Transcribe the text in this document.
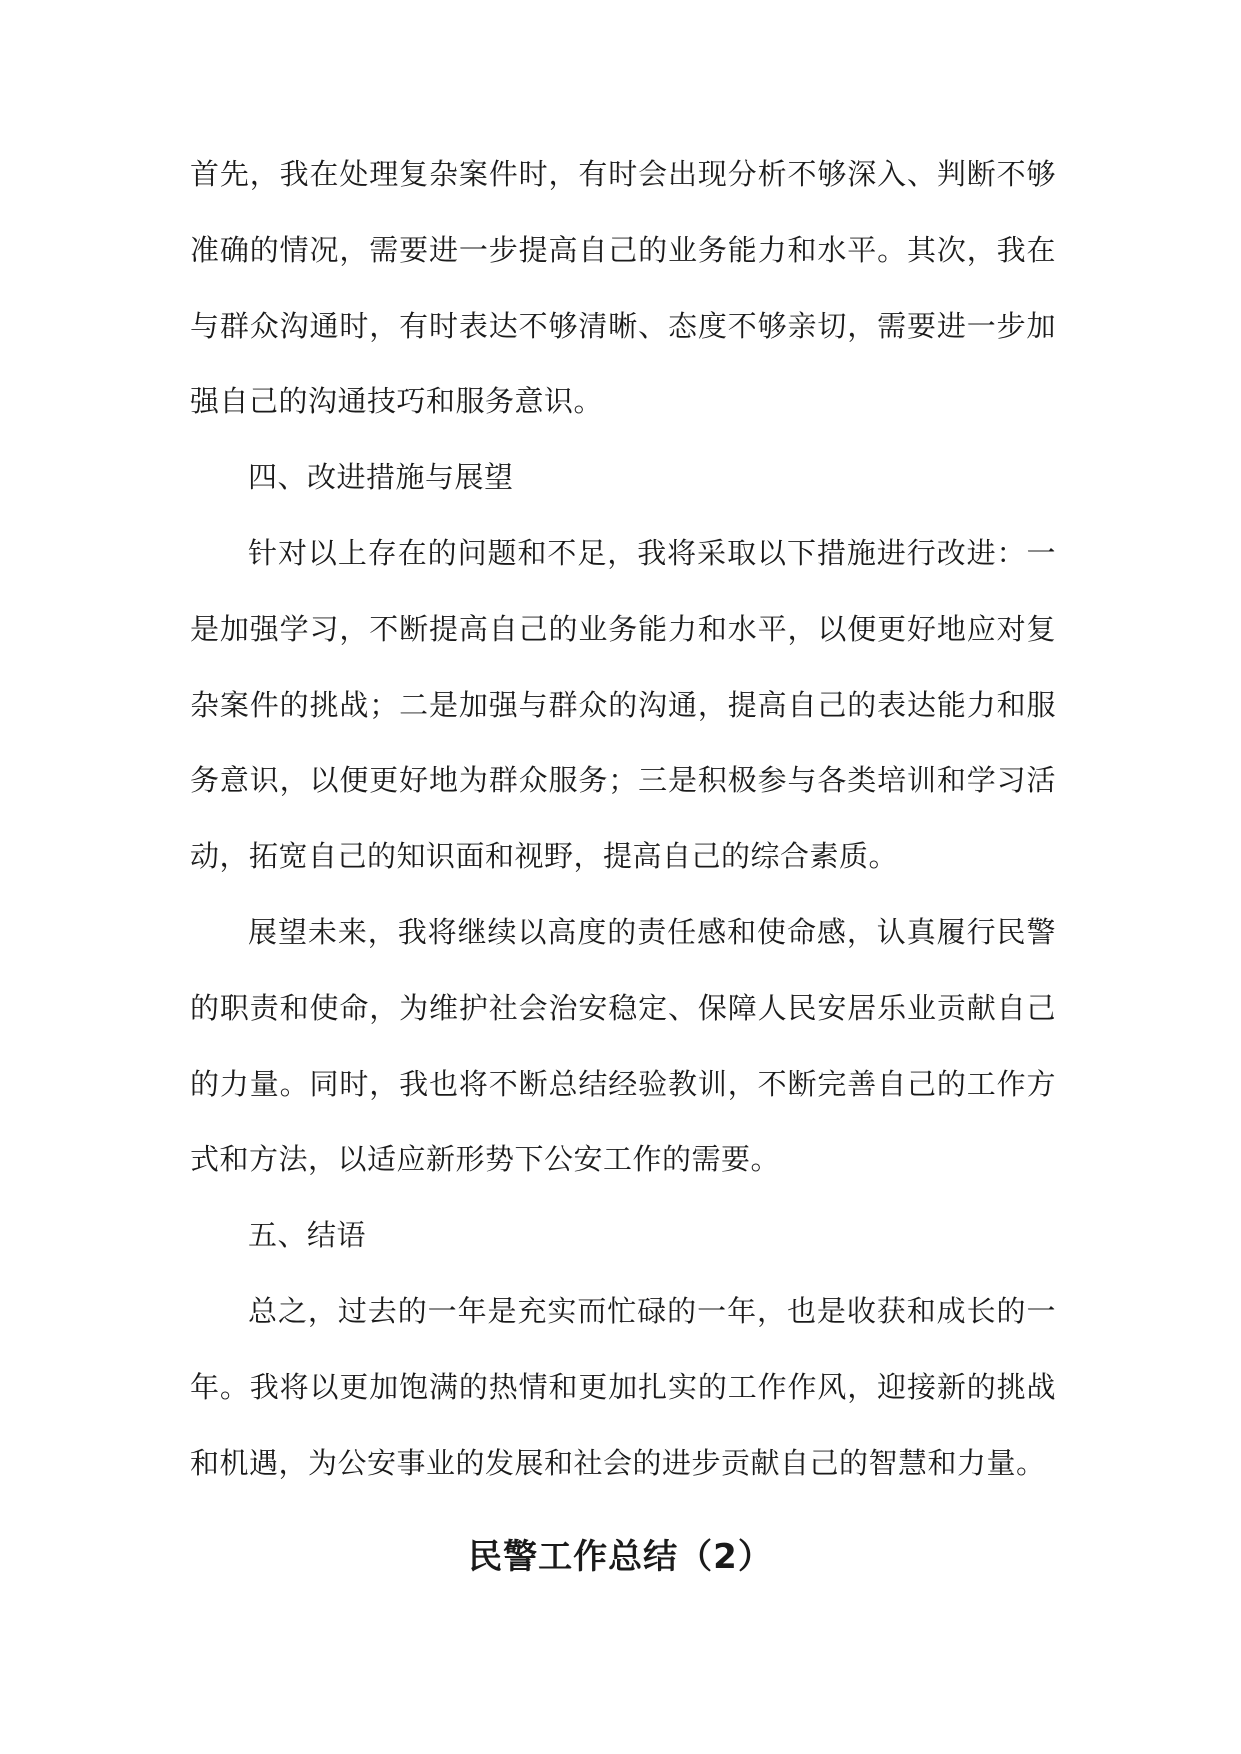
首先，我在处理复杂案件时，有时会出现分析不够深入、判断不够准确的情况，需要进一步提高自己的业务能力和水平。其次，我在与群众沟通时，有时表达不够清晰、态度不够亲切，需要进一步加强自己的沟通技巧和服务意识。

四、改进措施与展望

针对以上存在的问题和不足，我将采取以下措施进行改进：一是加强学习，不断提高自己的业务能力和水平，以便更好地应对复杂案件的挑战；二是加强与群众的沟通，提高自己的表达能力和服务意识，以便更好地为群众服务；三是积极参与各类培训和学习活动，拓宽自己的知识面和视野，提高自己的综合素质。

展望未来，我将继续以高度的责任感和使命感，认真履行民警的职责和使命，为维护社会治安稳定、保障人民安居乐业贡献自己的力量。同时，我也将不断总结经验教训，不断完善自己的工作方式和方法，以适应新形势下公安工作的需要。

五、结语

总之，过去的一年是充实而忙碌的一年，也是收获和成长的一年。我将以更加饱满的热情和更加扎实的工作作风，迎接新的挑战和机遇，为公安事业的发展和社会的进步贡献自己的智慧和力量。

民警工作总结（2）
